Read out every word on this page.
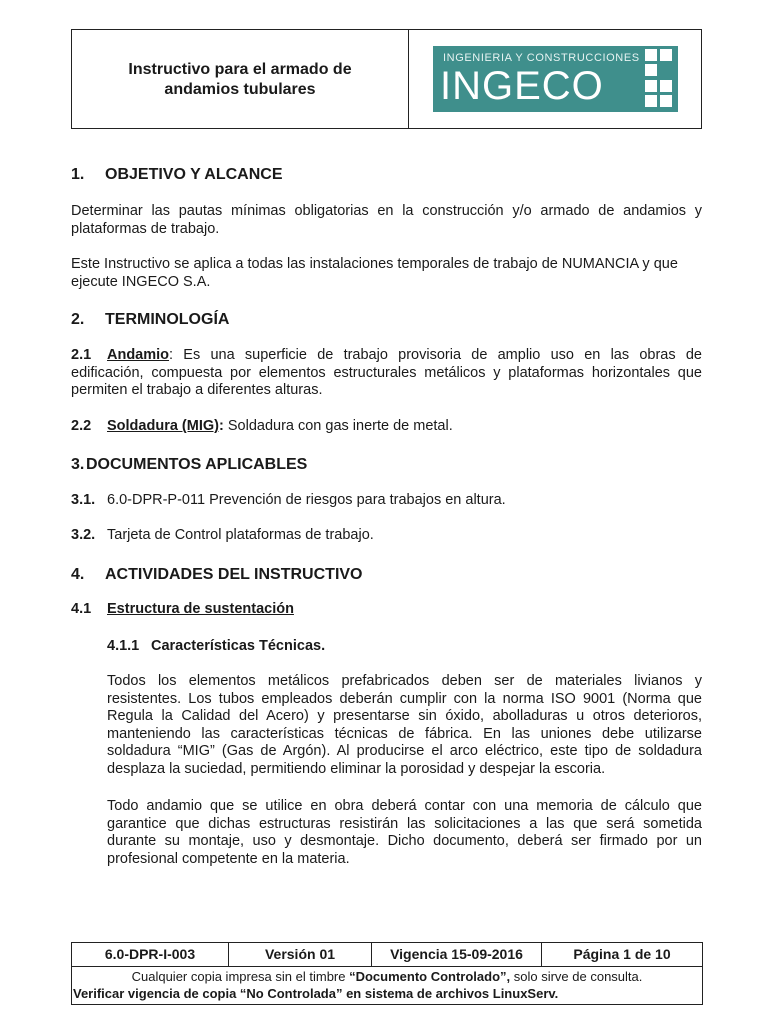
Instructivo para el armado de
andamios tubulares
INGENIERIA Y CONSTRUCCIONES
INGECO
1. OBJETIVO Y ALCANCE
Determinar las pautas mínimas obligatorias en la construcción y/o armado de andamios y
plataformas de trabajo.
Este Instructivo se aplica a todas las instalaciones temporales de trabajo de NUMANCIA y que
ejecute INGECO S.A.
2. TERMINOLOGÍA
2.1 Andamio: Es una superficie de trabajo provisoria de amplio uso en las obras de
edificación, compuesta por elementos estructurales metálicos y plataformas horizontales que
permiten el trabajo a diferentes alturas.
2.2 Soldadura (MIG): Soldadura con gas inerte de metal.
3. DOCUMENTOS APLICABLES
3.1. 6.0-DPR-P-011 Prevención de riesgos para trabajos en altura.
3.2. Tarjeta de Control plataformas de trabajo.
4. ACTIVIDADES DEL INSTRUCTIVO
4.1 Estructura de sustentación
4.1.1 Características Técnicas.
Todos los elementos metálicos prefabricados deben ser de materiales livianos y
resistentes. Los tubos empleados deberán cumplir con la norma ISO 9001 (Norma que
Regula la Calidad del Acero) y presentarse sin óxido, abolladuras u otros deterioros,
manteniendo las características técnicas de fábrica. En las uniones debe utilizarse
soldadura “MIG” (Gas de Argón). Al producirse el arco eléctrico, este tipo de soldadura
desplaza la suciedad, permitiendo eliminar la porosidad y despejar la escoria.
Todo andamio que se utilice en obra deberá contar con una memoria de cálculo que
garantice que dichas estructuras resistirán las solicitaciones a las que será sometida
durante su montaje, uso y desmontaje. Dicho documento, deberá ser firmado por un
profesional competente en la materia.
6.0-DPR-I-003	Versión 01	Vigencia 15-09-2016	Página 1 de 10
Cualquier copia impresa sin el timbre “Documento Controlado”, solo sirve de consulta.
Verificar vigencia de copia “No Controlada” en sistema de archivos LinuxServ.
